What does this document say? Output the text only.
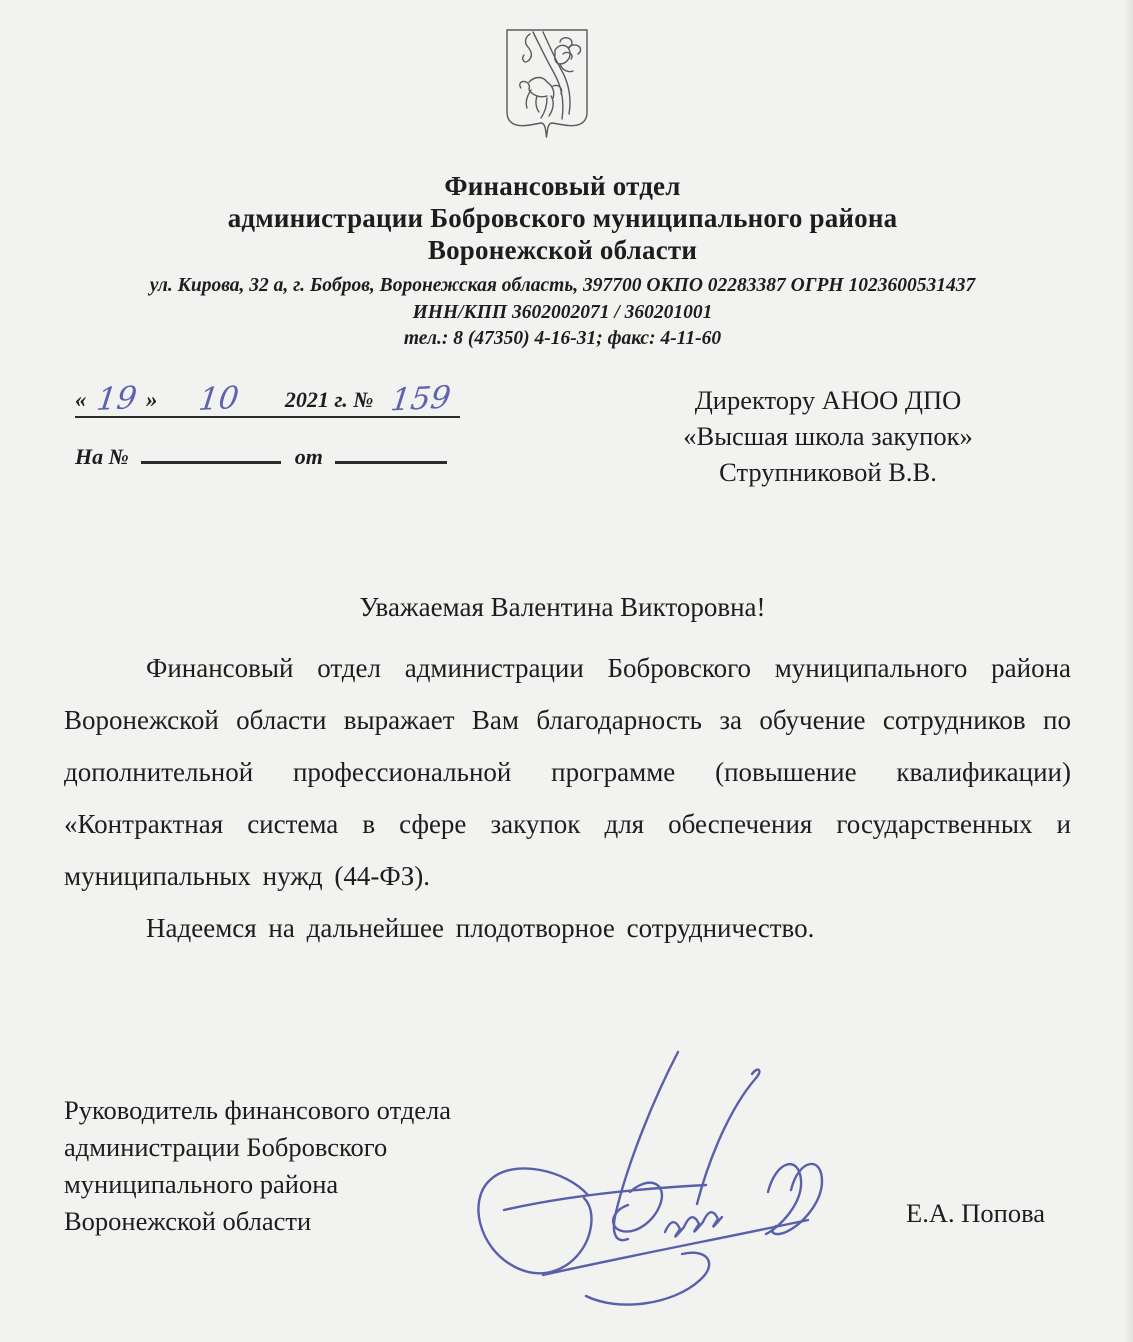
Финансовый отдел
администрации Бобровского муниципального района
Воронежской области
ул. Кирова, 32 а, г. Бобров, Воронежская область, 397700 ОКПО 02283387 ОГРН 1023600531437
ИНН/КПП 3602002071 / 360201001
тел.: 8 (47350) 4-16-31; факс: 4-11-60
« 19 » 10 2021 г. № 159
На №	от
Директору АНОО ДПО
«Высшая школа закупок»
Струпниковой В.В.
Уважаемая Валентина Викторовна!

Финансовый отдел администрации Бобровского муниципального района Воронежской области выражает Вам благодарность за обучение сотрудников по дополнительной профессиональной программе (повышение квалификации) «Контрактная система в сфере закупок для обеспечения государственных и муниципальных нужд (44-ФЗ).

Надеемся на дальнейшее плодотворное сотрудничество.

Руководитель финансового отдела
администрации Бобровского
муниципального района
Воронежской области	Е.А. Попова
